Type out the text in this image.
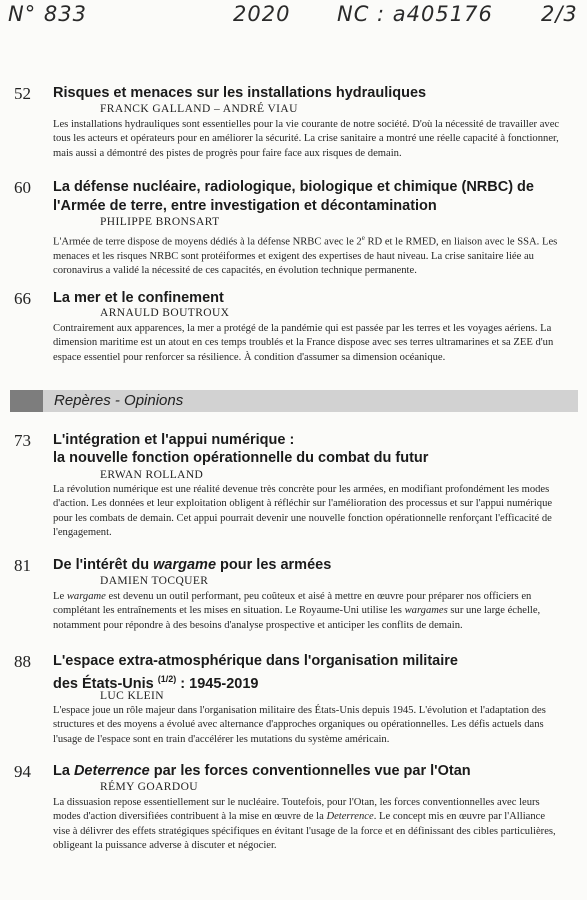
N° 833	2020 NC : a405176 2/3
52	Risques et menaces sur les installations hydrauliques
FRANCK GALLAND – ANDRÉ VIAU
Les installations hydrauliques sont essentielles pour la vie courante de notre société. D'où la nécessité de travailler avec tous les acteurs et opérateurs pour en améliorer la sécurité. La crise sanitaire a montré une réelle capacité à fonctionner, mais aussi a démontré des pistes de progrès pour faire face aux risques de demain.
60	La défense nucléaire, radiologique, biologique et chimique (NRBC) de l'Armée de terre, entre investigation et décontamination
PHILIPPE BRONSART
L'Armée de terre dispose de moyens dédiés à la défense NRBC avec le 2e RD et le RMED, en liaison avec le SSA. Les menaces et les risques NRBC sont protéiformes et exigent des expertises de haut niveau. La crise sanitaire liée au coronavirus a validé la nécessité de ces capacités, en évolution technique permanente.
66	La mer et le confinement
ARNAULD BOUTROUX
Contrairement aux apparences, la mer a protégé de la pandémie qui est passée par les terres et les voyages aériens. La dimension maritime est un atout en ces temps troublés et la France dispose avec ses terres ultramarines et sa ZEE d'un espace essentiel pour renforcer sa résilience. À condition d'assumer sa dimension océanique.
Repères - Opinions
73	L'intégration et l'appui numérique :
la nouvelle fonction opérationnelle du combat du futur
ERWAN ROLLAND
La révolution numérique est une réalité devenue très concrète pour les armées, en modifiant profondément les modes d'action. Les données et leur exploitation obligent à réfléchir sur l'amélioration des processus et sur l'appui numérique pour les combats de demain. Cet appui pourrait devenir une nouvelle fonction opérationnelle renforçant l'efficacité de l'engagement.
81	De l'intérêt du wargame pour les armées
DAMIEN TOCQUER
Le wargame est devenu un outil performant, peu coûteux et aisé à mettre en œuvre pour préparer nos officiers en complétant les entraînements et les mises en situation. Le Royaume-Uni utilise les wargames sur une large échelle, notamment pour répondre à des besoins d'analyse prospective et anticiper les conflits de demain.
88	L'espace extra-atmosphérique dans l'organisation militaire
des États-Unis $^{(1/2)}$ : 1945-2019
LUC KLEIN
L'espace joue un rôle majeur dans l'organisation militaire des États-Unis depuis 1945. L'évolution et l'adaptation des structures et des moyens a évolué avec alternance d'approches organiques ou opérationnelles. Les défis actuels dans l'usage de l'espace sont en train d'accélérer les mutations du système américain.
94	La Deterrence par les forces conventionnelles vue par l'Otan
RÉMY GOARDOU
La dissuasion repose essentiellement sur le nucléaire. Toutefois, pour l'Otan, les forces conventionnelles avec leurs modes d'action diversifiées contribuent à la mise en œuvre de la Deterrence. Le concept mis en œuvre par l'Alliance vise à délivrer des effets stratégiques spécifiques en évitant l'usage de la force et en définissant des cibles particulières, obligeant la puissance adverse à discuter et négocier.
